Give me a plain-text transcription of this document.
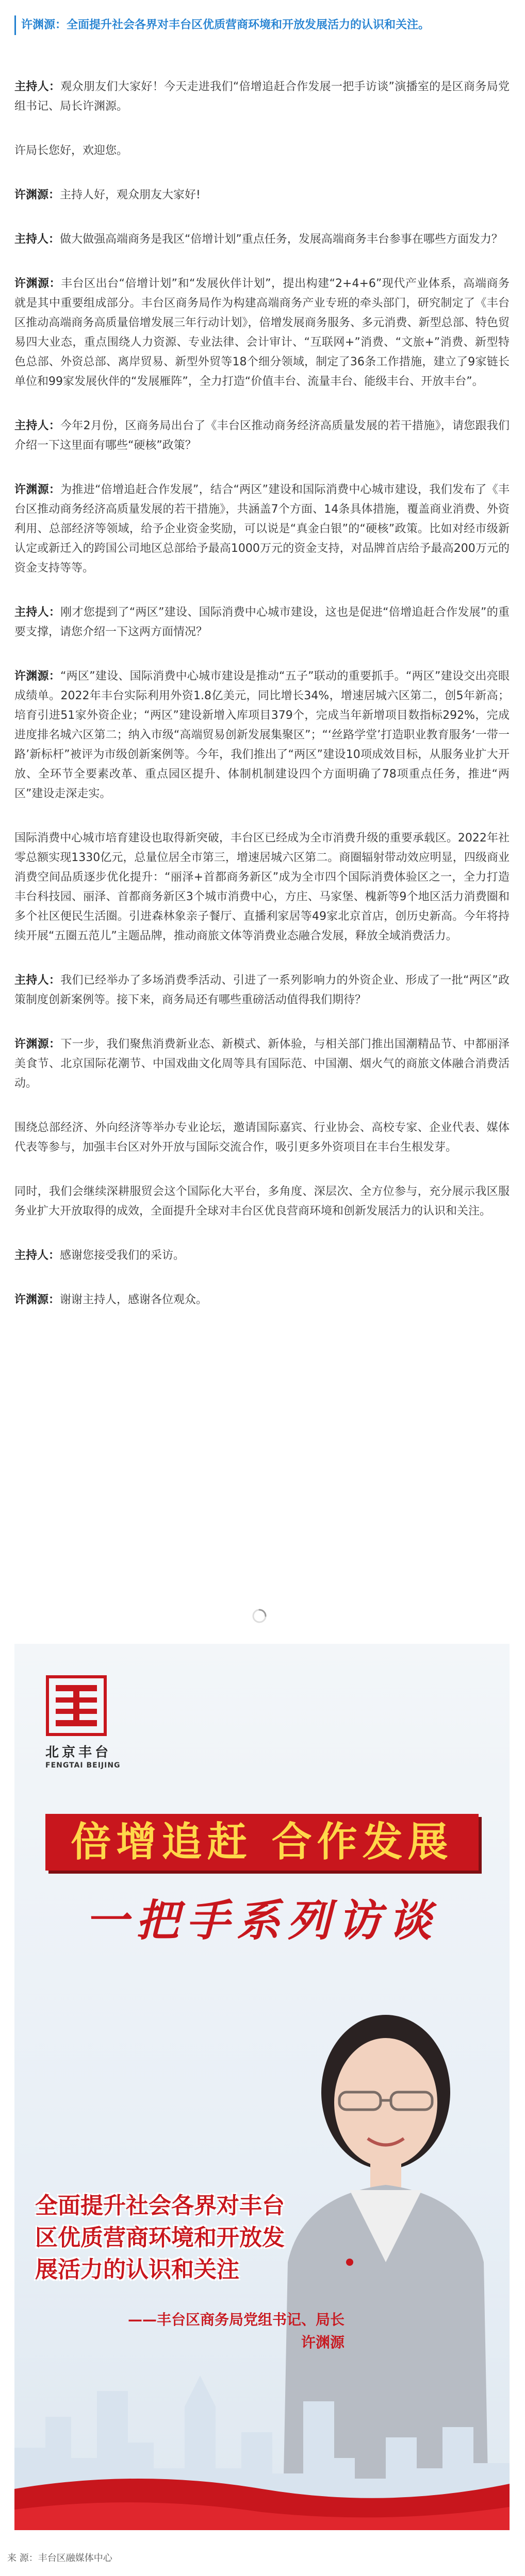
许渊源：全面提升社会各界对丰台区优质营商环境和开放发展活力的认识和关注。

主持人：观众朋友们大家好！今天走进我们“倍增追赶合作发展一把手访谈”演播室的是区商务局党组书记、局长许渊源。

许局长您好，欢迎您。

许渊源：主持人好，观众朋友大家好!

主持人：做大做强高端商务是我区“倍增计划”重点任务，发展高端商务丰台参事在哪些方面发力？

许渊源：丰台区出台“倍增计划”和“发展伙伴计划”，提出构建“2+4+6”现代产业体系，高端商务就是其中重要组成部分。丰台区商务局作为构建高端商务产业专班的牵头部门，研究制定了《丰台区推动高端商务高质量倍增发展三年行动计划》，倍增发展商务服务、多元消费、新型总部、特色贸易四大业态，重点围绕人力资源、专业法律、会计审计、“互联网+”消费、“文旅+”消费、新型特色总部、外资总部、离岸贸易、新型外贸等18个细分领域，制定了36条工作措施，建立了9家链长单位和99家发展伙伴的“发展雁阵”，全力打造“价值丰台、流量丰台、能级丰台、开放丰台”。

主持人：今年2月份，区商务局出台了《丰台区推动商务经济高质量发展的若干措施》，请您跟我们介绍一下这里面有哪些“硬核”政策？

许渊源：为推进“倍增追赶合作发展”，结合“两区”建设和国际消费中心城市建设，我们发布了《丰台区推动商务经济高质量发展的若干措施》，共涵盖7个方面、14条具体措施，覆盖商业消费、外资利用、总部经济等领域，给予企业资金奖励，可以说是“真金白银”的“硬核”政策。比如对经市级新认定或新迁入的跨国公司地区总部给予最高1000万元的资金支持，对品牌首店给予最高200万元的资金支持等等。

主持人：刚才您提到了“两区”建设、国际消费中心城市建设，这也是促进“倍增追赶合作发展”的重要支撑，请您介绍一下这两方面情况？

许渊源：“两区”建设、国际消费中心城市建设是推动“五子”联动的重要抓手。“两区”建设交出亮眼成绩单。2022年丰台实际利用外资1.8亿美元，同比增长34%，增速居城六区第二，创5年新高；培育引进51家外资企业；“两区”建设新增入库项目379个，完成当年新增项目数指标292%，完成进度排名城六区第二；纳入市级“高端贸易创新发展集聚区”；“‘丝路学堂’打造职业教育服务‘一带一路’新标杆”被评为市级创新案例等。今年，我们推出了“两区”建设10项成效目标，从服务业扩大开放、全环节全要素改革、重点园区提升、体制机制建设四个方面明确了78项重点任务，推进“两区”建设走深走实。

国际消费中心城市培育建设也取得新突破，丰台区已经成为全市消费升级的重要承载区。2022年社零总额实现1330亿元，总量位居全市第三，增速居城六区第二。商圈辐射带动效应明显，四级商业消费空间品质逐步优化提升：“丽泽+首都商务新区”成为全市四个国际消费体验区之一，全力打造丰台科技园、丽泽、首都商务新区3个城市消费中心，方庄、马家堡、槐新等9个地区活力消费圈和多个社区便民生活圈。引进森林象亲子餐厅、直播利家居等49家北京首店，创历史新高。今年将持续开展“五圈五范儿”主题品牌，推动商旅文体等消费业态融合发展，释放全域消费活力。

主持人：我们已经举办了多场消费季活动、引进了一系列影响力的外资企业、形成了一批“两区”政策制度创新案例等。接下来，商务局还有哪些重磅活动值得我们期待？

许渊源：下一步，我们聚焦消费新业态、新模式、新体验，与相关部门推出国潮精品节、中都丽泽美食节、北京国际花潮节、中国戏曲文化周等具有国际范、中国潮、烟火气的商旅文体融合消费活动。

围绕总部经济、外向经济等举办专业论坛，邀请国际嘉宾、行业协会、高校专家、企业代表、媒体代表等参与，加强丰台区对外开放与国际交流合作，吸引更多外资项目在丰台生根发芽。

同时，我们会继续深耕服贸会这个国际化大平台，多角度、深层次、全方位参与，充分展示我区服务业扩大开放取得的成效，全面提升全球对丰台区优良营商环境和创新发展活力的认识和关注。

主持人：感谢您接受我们的采访。

许渊源：谢谢主持人，感谢各位观众。

北京丰台
FENGTAI BEIJING
倍增追赶 合作发展
一把手系列访谈
全面提升社会各界对丰台区优质营商环境和开放发展活力的认识和关注
——丰台区商务局党组书记、局长
许渊源
来 源：丰台区融媒体中心
